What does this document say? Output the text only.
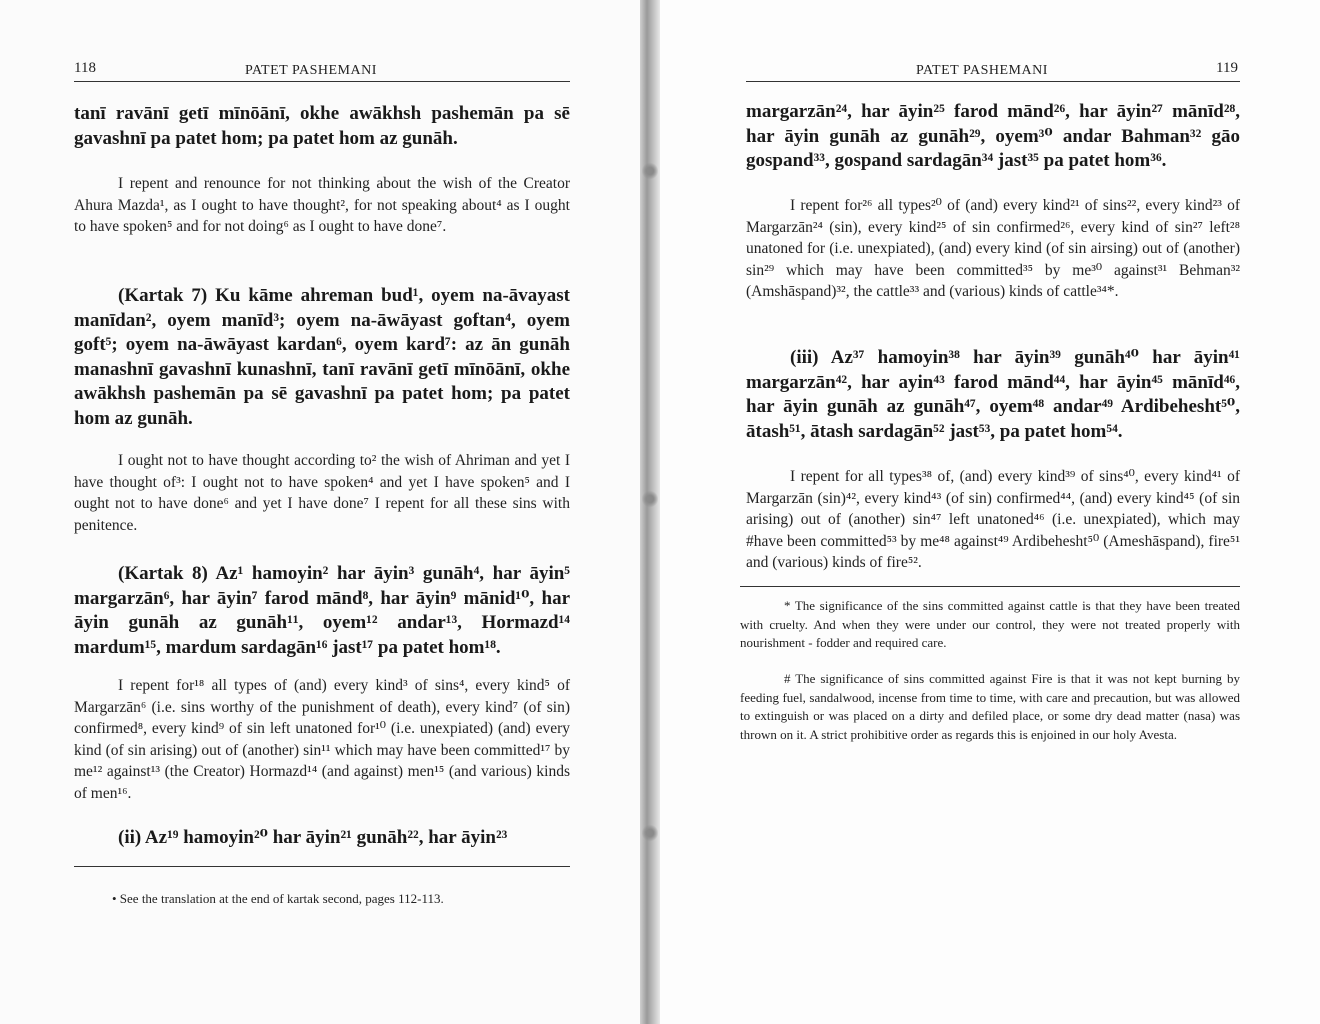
118	PATET PASHEMANI

tanī ravānī getī mīnōānī, okhe awākhsh pashemān pa sē gavashnī pa patet hom; pa patet hom az gunāh.

I repent and renounce for not thinking about the wish of the Creator Ahura Mazda¹, as I ought to have thought², for not speaking about⁴ as I ought to have spoken⁵ and for not doing⁶ as I ought to have done⁷.

(Kartak 7) Ku kāme ahreman bud¹, oyem na-āvayast manīdan², oyem manīd³; oyem na-āwāyast goftan⁴, oyem goft⁵; oyem na-āwāyast kardan⁶, oyem kard⁷: az ān gunāh manashnī gavashnī kunashnī, tanī ravānī getī mīnōānī, okhe awākhsh pashemān pa sē gavashnī pa patet hom; pa patet hom az gunāh.

I ought not to have thought according to² the wish of Ahriman and yet I have thought of³: I ought not to have spoken⁴ and yet I have spoken⁵ and I ought not to have done⁶ and yet I have done⁷ I repent for all these sins with penitence.

(Kartak 8) Az¹ hamoyin² har āyin³ gunāh⁴, har āyin⁵ margarzān⁶, har āyin⁷ farod mānd⁸, har āyin⁹ mānid¹⁰, har āyin gunāh az gunāh¹¹, oyem¹² andar¹³, Hormazd¹⁴ mardum¹⁵, mardum sardagān¹⁶ jast¹⁷ pa patet hom¹⁸.

I repent for¹⁸ all types of (and) every kind³ of sins⁴, every kind⁵ of Margarzān⁶ (i.e. sins worthy of the punishment of death), every kind⁷ (of sin) confirmed⁸, every kind⁹ of sin left unatoned for¹⁰ (i.e. unexpiated) (and) every kind (of sin arising) out of (another) sin¹¹ which may have been committed¹⁷ by me¹² against¹³ (the Creator) Hormazd¹⁴ (and against) men¹⁵ (and various) kinds of men¹⁶.

(ii) Az¹⁹ hamoyin²⁰ har āyin²¹ gunāh²², har āyin²³

• See the translation at the end of kartak second, pages 112-113.

PATET PASHEMANI	119

margarzān²⁴, har āyin²⁵ farod mānd²⁶, har āyin²⁷ mānīd²⁸, har āyin gunāh az gunāh²⁹, oyem³⁰ andar Bahman³² gāo gospand³³, gospand sardagān³⁴ jast³⁵ pa patet hom³⁶.

I repent for²⁶ all types²⁰ of (and) every kind²¹ of sins²², every kind²³ of Margarzān²⁴ (sin), every kind²⁵ of sin confirmed²⁶, every kind of sin²⁷ left²⁸ unatoned for (i.e. unexpiated), (and) every kind (of sin airsing) out of (another) sin²⁹ which may have been committed³⁵ by me³⁰ against³¹ Behman³² (Amshāspand)³², the cattle³³ and (various) kinds of cattle³⁴*.

(iii) Az³⁷ hamoyin³⁸ har āyin³⁹ gunāh⁴⁰ har āyin⁴¹ margarzān⁴², har ayin⁴³ farod mānd⁴⁴, har āyin⁴⁵ mānīd⁴⁶, har āyin gunāh az gunāh⁴⁷, oyem⁴⁸ andar⁴⁹ Ardibehesht⁵⁰, ātash⁵¹, ātash sardagān⁵² jast⁵³, pa patet hom⁵⁴.

I repent for all types³⁸ of, (and) every kind³⁹ of sins⁴⁰, every kind⁴¹ of Margarzān (sin)⁴², every kind⁴³ (of sin) confirmed⁴⁴, (and) every kind⁴⁵ (of sin arising) out of (another) sin⁴⁷ left unatoned⁴⁶ (i.e. unexpiated), which may #have been committed⁵³ by me⁴⁸ against⁴⁹ Ardibehesht⁵⁰ (Ameshāspand), fire⁵¹ and (various) kinds of fire⁵².

* The significance of the sins committed against cattle is that they have been treated with cruelty. And when they were under our control, they were not treated properly with nourishment - fodder and required care.

# The significance of sins committed against Fire is that it was not kept burning by feeding fuel, sandalwood, incense from time to time, with care and precaution, but was allowed to extinguish or was placed on a dirty and defiled place, or some dry dead matter (nasa) was thrown on it. A strict prohibitive order as regards this is enjoined in our holy Avesta.
